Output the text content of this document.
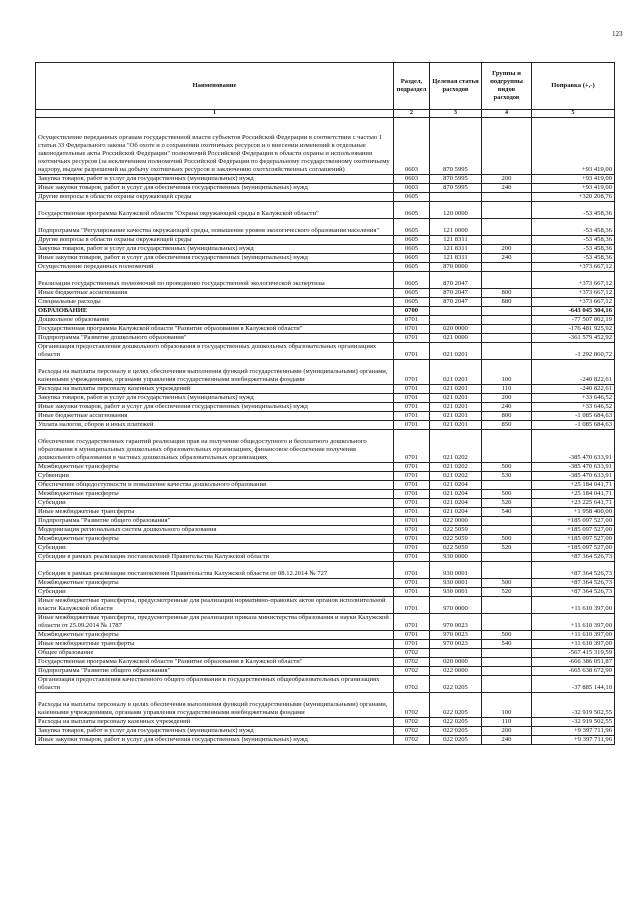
123
Наименование	Раздел, подраздел	Целевая статья расходов	Группы и подгруппы видов расходов	Поправка (+,-)
1	2	3	4	5
Осуществление переданных органам государственной власти субъектов Российской Федерации в соответствии с частью 1 статьи 33 Федерального закона "Об охоте и о сохранении охотничьих ресурсов и о внесении изменений в отдельные законодательные акты Российской Федерации" полномочий Российской Федерации в области охраны и использования охотничьих ресурсов (за исключением полномочий Российской Федерации по федеральному государственному охотничьему надзору, выдаче разрешений на добычу охотничьих ресурсов и заключению охотхозяйственных соглашений)	0603	870 5995		+93 419,00
Закупка товаров, работ и услуг для государственных (муниципальных) нужд	0603	870 5995	200	+93 419,00
Иные закупки товаров, работ и услуг для обеспечения государственных (муниципальных) нужд	0603	870 5995	240	+93 419,00
Другие вопросы в области охраны окружающей среды	0605			+320 208,76
Государственная программа Калужской области "Охрана окружающей среды в Калужской области"	0605	120 0000		-53 458,36
Подпрограмма "Регулирование качества окружающей среды, повышение уровня экологического образования населения"	0605	121 0000		-53 458,36
Другие вопросы в области охраны окружающей среды	0605	121 8311		-53 458,36
Закупка товаров, работ и услуг для государственных (муниципальных) нужд	0605	121 8311	200	-53 458,36
Иные закупки товаров, работ и услуг для обеспечения государственных (муниципальных) нужд	0605	121 8311	240	-53 458,36
Осуществление переданных полномочий	0605	870 0000		+373 667,12
Реализация государственных полномочий по проведению государственной экологической экспертизы	0605	870 2047		+373 667,12
Иные бюджетные ассигнования	0605	870 2047	800	+373 667,12
Специальные расходы	0605	870 2047	880	+373 667,12
ОБРАЗОВАНИЕ	0700			-643 045 304,16
Дошкольное образование	0701			-77 507 002,19
Государственная программа Калужской области "Развитие образования в Калужской области"	0701	020 0000		-176 481 925,92
Подпрограмма "Развитие дошкольного образования"	0701	021 0000		-361 579 452,92
Организация предоставления дошкольного образования в государственных дошкольных образовательных организациях области	0701	021 0201		-1 292 860,72
Расходы на выплаты персоналу в целях обеспечения выполнения функций государственными (муниципальными) органами, казенными учреждениями, органами управления государственными внебюджетными фондами	0701	021 0201	100	-240 822,61
Расходы на выплаты персоналу казенных учреждений	0701	021 0201	110	-240 822,61
Закупка товаров, работ и услуг для государственных (муниципальных) нужд	0701	021 0201	200	+33 646,52
Иные закупки товаров, работ и услуг для обеспечения государственных (муниципальных) нужд	0701	021 0201	240	+33 646,52
Иные бюджетные ассигнования	0701	021 0201	800	-1 085 684,63
Уплата налогов, сборов и иных платежей	0701	021 0201	850	-1 085 684,63
Обеспечение государственных гарантий реализации прав на получение общедоступного и бесплатного дошкольного образования в муниципальных дошкольных образовательных организациях, финансовое обеспечение получения дошкольного образования в частных дошкольных образовательных организациях	0701	021 0202		-385 470 633,91
Межбюджетные трансферты	0701	021 0202	500	-385 470 633,91
Субвенции	0701	021 0202	530	-385 470 633,91
Обеспечение общедоступности и повышение качества дошкольного образования	0701	021 0204		+25 184 041,71
Межбюджетные трансферты	0701	021 0204	500	+25 184 041,71
Субсидии	0701	021 0204	520	+23 225 641,71
Иные межбюджетные трансферты	0701	021 0204	540	+1 958 400,00
Подпрограмма "Развитие общего образования"	0701	022 0000		+185 097 527,00
Модернизация региональных систем дошкольного образования	0701	022 5059		+185 097 527,00
Межбюджетные трансферты	0701	022 5059	500	+185 097 527,00
Субсидии	0701	022 5059	520	+185 097 527,00
Субсидии в рамках реализации постановлений Правительства Калужской области	0701	930 0000		+87 364 526,73
Субсидии в рамках реализации постановления Правительства Калужской области от 08.12.2014 № 727	0701	930 0001		+87 364 526,73
Межбюджетные трансферты	0701	930 0001	500	+87 364 526,73
Субсидии	0701	930 0001	520	+87 364 526,73
Иные межбюджетные трансферты, предусмотренные для реализации нормативно-правовых актов органов исполнительной власти Калужской области	0701	970 0000		+11 610 397,00
Иные межбюджетные трансферты, предусмотренные для реализации приказа министерства образования и науки Калужской области от 25.09.2014 № 1787	0701	970 0023		+11 610 397,00
Межбюджетные трансферты	0701	970 0023	500	+11 610 397,00
Иные межбюджетные трансферты	0701	970 0023	540	+11 610 397,00
Общее образование	0702			-567 415 319,59
Государственная программа Калужской области "Развитие образования в Калужской области"	0702	020 0000		-666 386 051,87
Подпрограмма "Развитие общего образования"	0702	022 0000		-665 638 672,90
Организация предоставления качественного общего образования в государственных общеобразовательных организациях области	0702	022 0205		-37 885 144,10
Расходы на выплаты персоналу в целях обеспечения выполнения функций государственными (муниципальными) органами, казенными учреждениями, органами управления государственными внебюджетными фондами	0702	022 0205	100	-32 919 502,55
Расходы на выплаты персоналу казенных учреждений	0702	022 0205	110	-32 919 502,55
Закупка товаров, работ и услуг для государственных (муниципальных) нужд	0702	022 0205	200	+9 397 711,96
Иные закупки товаров, работ и услуг для обеспечения государственных (муниципальных) нужд	0702	022 0205	240	+9 397 711,96
